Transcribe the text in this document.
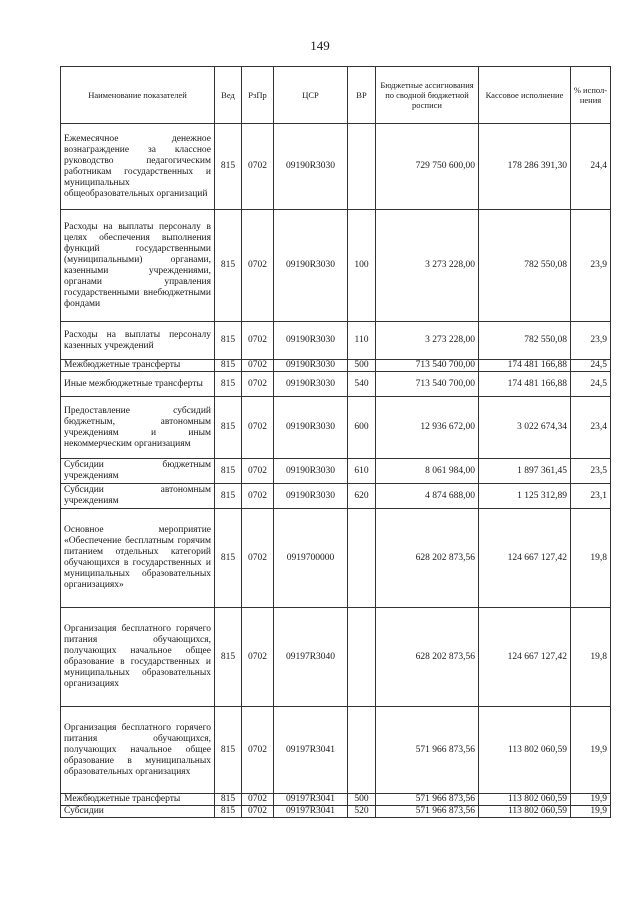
149
Наименование показателей	Вед	РзПр	ЦСР	ВР	Бюджетные ассигнования по сводной бюджетной росписи	Кассовое исполнение	% испол-нения
Ежемесячное денежное вознаграждение за классное руководство педагогическим работникам государственных и муниципальных общеобразовательных организаций	815	0702	09190R3030		729 750 600,00	178 286 391,30	24,4
Расходы на выплаты персоналу в целях обеспечения выполнения функций государственными (муниципальными) органами, казенными учреждениями, органами управления государственными внебюджетными фондами	815	0702	09190R3030	100	3 273 228,00	782 550,08	23,9
Расходы на выплаты персоналу казенных учреждений	815	0702	09190R3030	110	3 273 228,00	782 550,08	23,9
Межбюджетные трансферты	815	0702	09190R3030	500	713 540 700,00	174 481 166,88	24,5
Иные межбюджетные трансферты	815	0702	09190R3030	540	713 540 700,00	174 481 166,88	24,5
Предоставление субсидий бюджетным, автономным учреждениям и иным некоммерческим организациям	815	0702	09190R3030	600	12 936 672,00	3 022 674,34	23,4
Субсидии бюджетным учреждениям	815	0702	09190R3030	610	8 061 984,00	1 897 361,45	23,5
Субсидии автономным учреждениям	815	0702	09190R3030	620	4 874 688,00	1 125 312,89	23,1
Основное мероприятие «Обеспечение бесплатным горячим питанием отдельных категорий обучающихся в государственных и муниципальных образовательных организациях»	815	0702	0919700000		628 202 873,56	124 667 127,42	19,8
Организация бесплатного горячего питания обучающихся, получающих начальное общее образование в государственных и муниципальных образовательных организациях	815	0702	09197R3040		628 202 873,56	124 667 127,42	19,8
Организация бесплатного горячего питания обучающихся, получающих начальное общее образование в муниципальных образовательных организациях	815	0702	09197R3041		571 966 873,56	113 802 060,59	19,9
Межбюджетные трансферты	815	0702	09197R3041	500	571 966 873,56	113 802 060,59	19,9
Субсидии	815	0702	09197R3041	520	571 966 873,56	113 802 060,59	19,9
